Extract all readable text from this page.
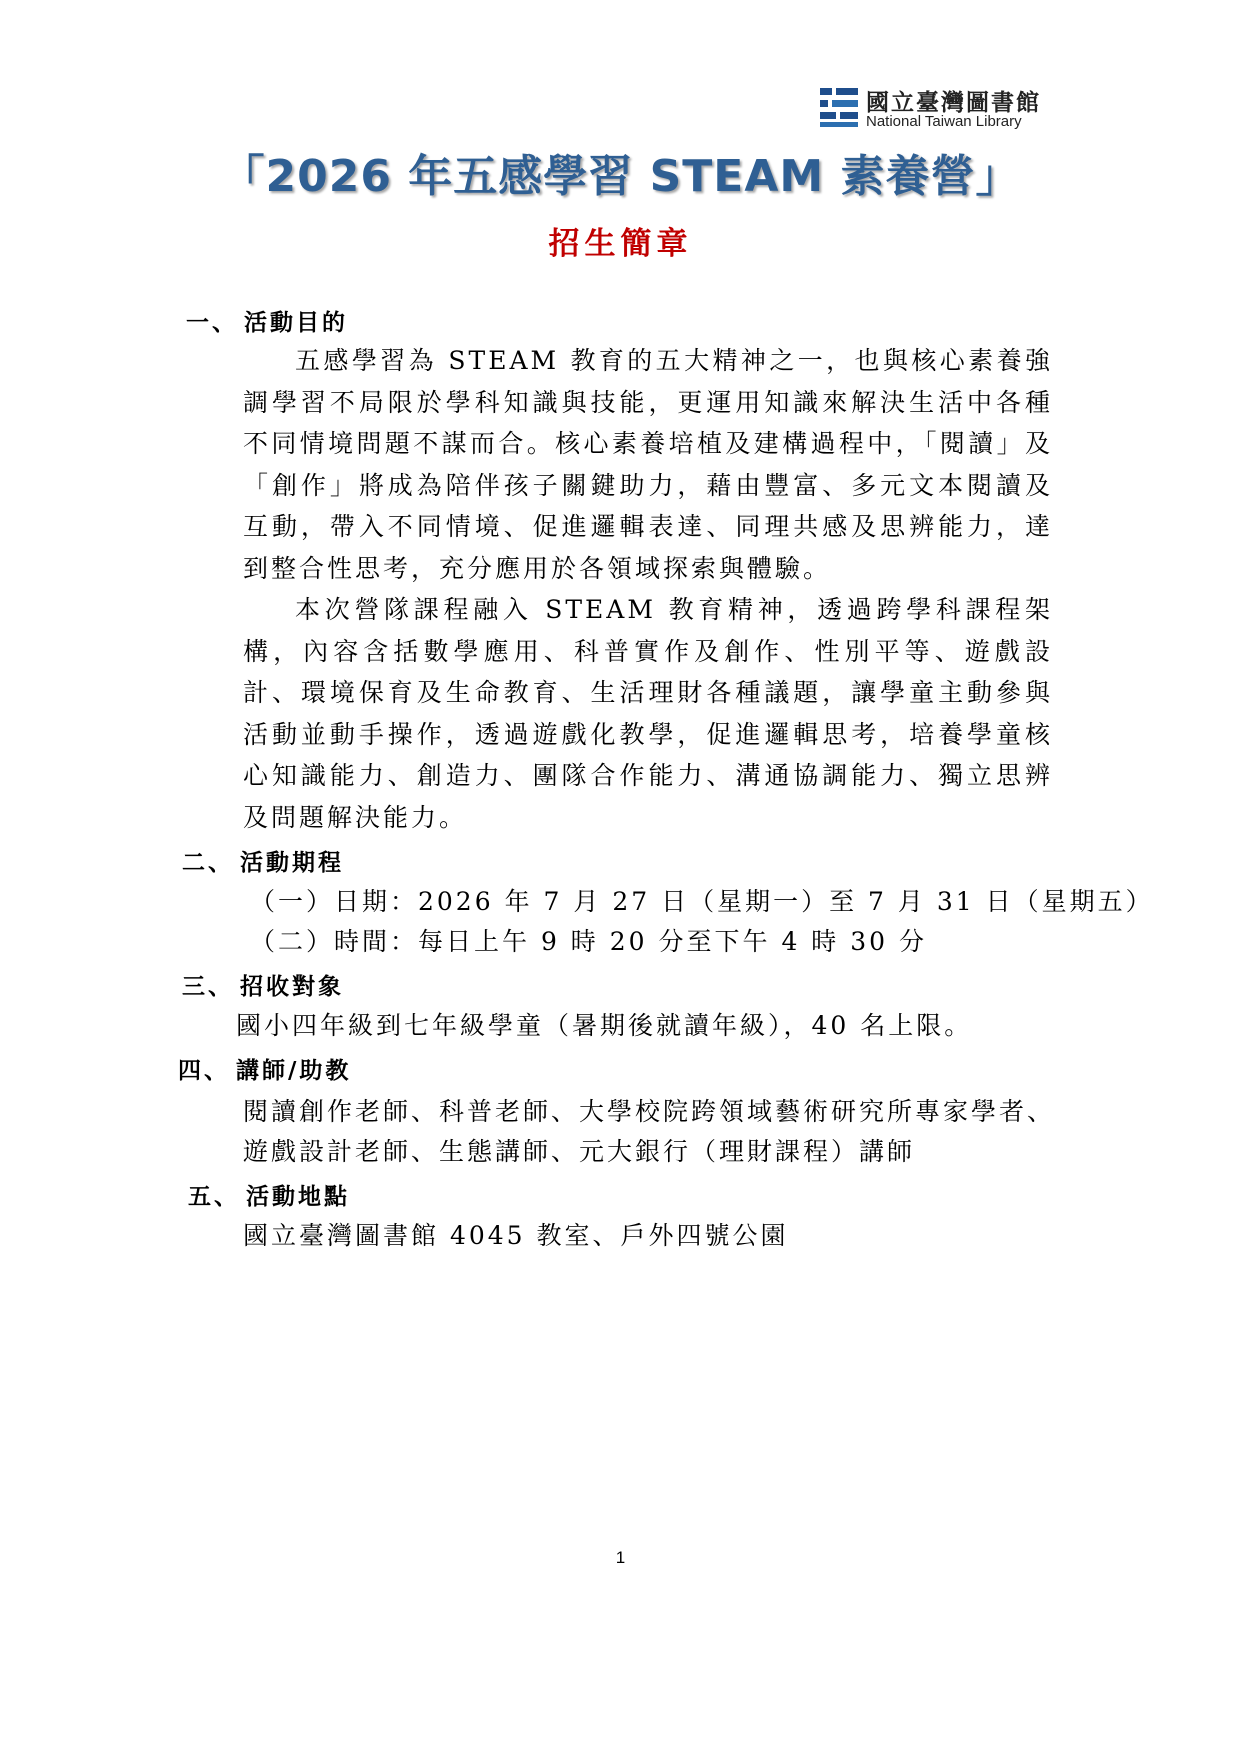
國立臺灣圖書館
National Taiwan Library
「2026 年五感學習 STEAM 素養營」
招生簡章
一、 活動目的
五感學習為 STEAM 教育的五大精神之一，也與核心素養強調學習不局限於學科知識與技能，更運用知識來解決生活中各種不同情境問題不謀而合。核心素養培植及建構過程中，「閱讀」及「創作」將成為陪伴孩子關鍵助力，藉由豐富、多元文本閱讀及互動，帶入不同情境、促進邏輯表達、同理共感及思辨能力，達到整合性思考，充分應用於各領域探索與體驗。
本次營隊課程融入 STEAM 教育精神，透過跨學科課程架構，內容含括數學應用、科普實作及創作、性別平等、遊戲設計、環境保育及生命教育、生活理財各種議題，讓學童主動參與活動並動手操作，透過遊戲化教學，促進邏輯思考，培養學童核心知識能力、創造力、團隊合作能力、溝通協調能力、獨立思辨及問題解決能力。
二、 活動期程
（一）日期：2026 年 7 月 27 日（星期一）至 7 月 31 日（星期五）
（二）時間：每日上午 9 時 20 分至下午 4 時 30 分
三、 招收對象
國小四年級到七年級學童（暑期後就讀年級），40 名上限。
四、 講師/助教
閱讀創作老師、科普老師、大學校院跨領域藝術研究所專家學者、
遊戲設計老師、生態講師、元大銀行（理財課程）講師
五、 活動地點
國立臺灣圖書館 4045 教室、戶外四號公園
1
